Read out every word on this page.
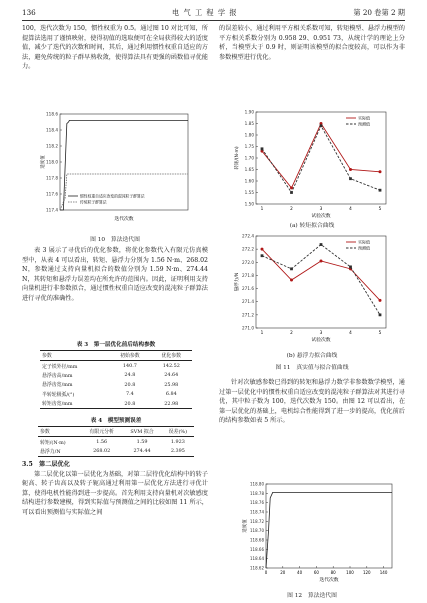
136	电 气 工 程 学 报	第 20 卷第 2 期

100，迭代次数为 150，惯性权重为 0.5。通过图 10 对比可知，所提算法选用了谨慎映射，使得初值的选取便可在全局获得较大的适度值，减少了迭代的次数和时间，其后，通过利用惯性权重自适应的方法，避免传统的粒子群早熟收敛，使得算法具有更强的函数值寻优能力。

118.6
118.4
118.2
118.0
117.8
117.6
117.4
适度值
迭代次数
惯性权重自适应改变的混沌粒子群算法
传统粒子群算法
图 10　算法迭代图

表 3 展示了寻优后的优化参数，将优化参数代入有限元仿真模型中，从表 4 可以看出，转矩、悬浮力分别为 1.56 N·m、268.02 N，参数通过支持向量机拟合的数值分别为 1.59 N·m、274.44 N，其转矩和悬浮力误差均在所允许的范围内。因此，证明利用支持向量机进行非参数拟合，通过惯性权重自适应改变的混沌粒子群算法进行寻优的准确性。

表 3　第一层优化前后结构参数
参数	初始参数	优化参数
定子铁外径/mm	140.7	142.52
悬浮齿高/mm	24.8	24.64
悬浮齿宽/mm	20.8	25.98
半转轮极弧/(°)	7.4	6.84
转矩齿宽/mm	20.8	22.98
表 4　模型预测误差
参数	有限元分析	SVM 拟合	误差(%)
转矩/(N·m)	1.56	1.59	1.923
悬浮力/N	268.02	274.44	2.395

3.5　第二层优化

第二层优化以第一层优化为基础，对第二层待优化结构中的转子轭高、转子齿高以及转子轭高通过利用第一层优化方法进行寻优计算，使得电机性能得到进一步提高。首先利用支持向量机对次敏感度结构进行参数建模，得到实际值与预测值之间的比较如图 11 所示，可以看出预测值与实际值之间

的误差较小，通过利用平方相关系数可知，转矩模型、悬浮力模型的平方相关系数分别为 0.958 29、0.951 73，从统计学的理论上分析，当模型大于 0.9 时，则证明该模型的拟合度较高，可以作为非参数模型进行优化。

1.90
1.85
1.80
1.75
1.70
1.65
1.60
1.55
1.50
1	2	3	4	5
转矩/(N·m)
试验次数
实际值
预测值
(a) 转矩拟合曲线
272.4
272.2
272.0
271.8
271.6
271.4
271.2
271.0
1	2	3	4	5
悬浮力/N
试验次数
实际值
预测值
(b) 悬浮力拟合曲线
图 11　真实值与拟合值曲线

针对次敏感参数已得到的转矩和悬浮力数学非参数数学模型，通过第一层优化中的惯性权重自适应改变的混沌粒子群算法对其进行寻优，其中粒子数为 100，迭代次数为 150。由图 12 可以看出，在第一层优化的基础上，电机综合性能得到了进一步的提高，优化前后的结构参数如表 5 所示。

118.80
118.78
118.76
118.74
118.72
118.70
118.68
118.66
118.64
118.62
0	20	40	60	80	100 120 140
适度值
迭代次数
图 12　算法迭代图
